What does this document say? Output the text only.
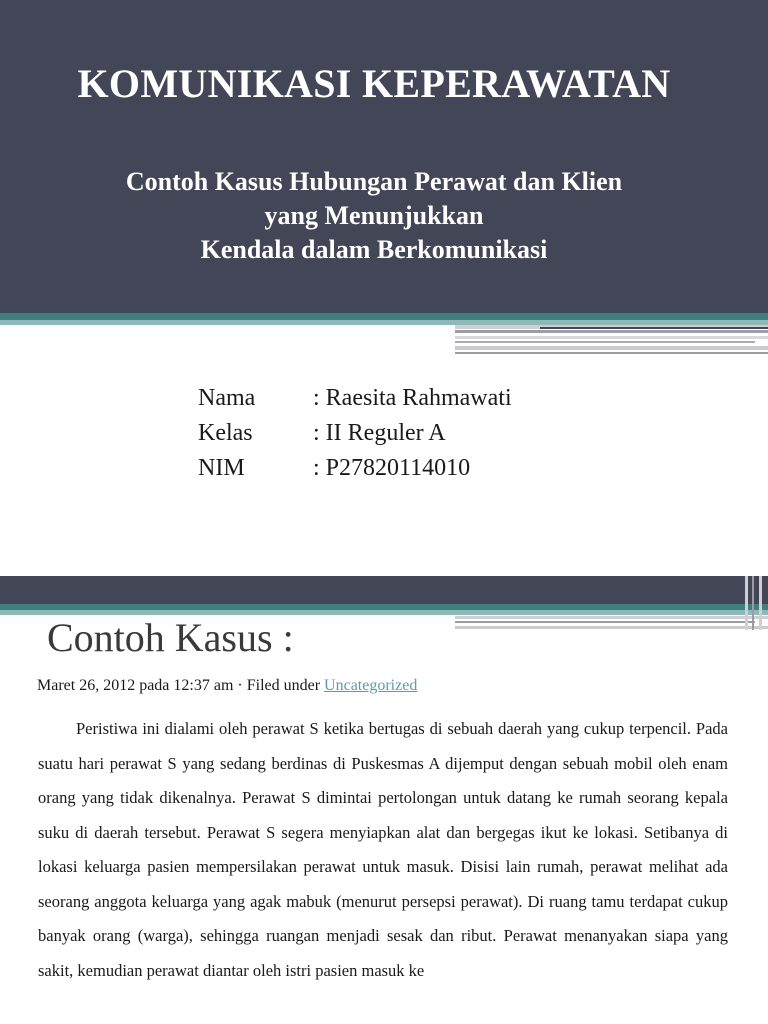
KOMUNIKASI KEPERAWATAN
Contoh Kasus Hubungan Perawat dan Klien
yang Menunjukkan
Kendala dalam Berkomunikasi
Nama	: Raesita Rahmawati
Kelas	: II Reguler A
NIM	: P27820114010
Contoh Kasus :
Maret 26, 2012 pada 12:37 am · Filed under Uncategorized
Peristiwa ini dialami oleh perawat S ketika bertugas di sebuah daerah yang cukup terpencil. Pada suatu hari perawat S yang sedang berdinas di Puskesmas A dijemput dengan sebuah mobil oleh enam orang yang tidak dikenalnya. Perawat S dimintai pertolongan untuk datang ke rumah seorang kepala suku di daerah tersebut. Perawat S segera menyiapkan alat dan bergegas ikut ke lokasi. Setibanya di lokasi keluarga pasien mempersilakan perawat untuk masuk. Disisi lain rumah, perawat melihat ada seorang anggota keluarga yang agak mabuk (menurut persepsi perawat). Di ruang tamu terdapat cukup banyak orang (warga), sehingga ruangan menjadi sesak dan ribut. Perawat menanyakan siapa yang sakit, kemudian perawat diantar oleh istri pasien masuk ke
